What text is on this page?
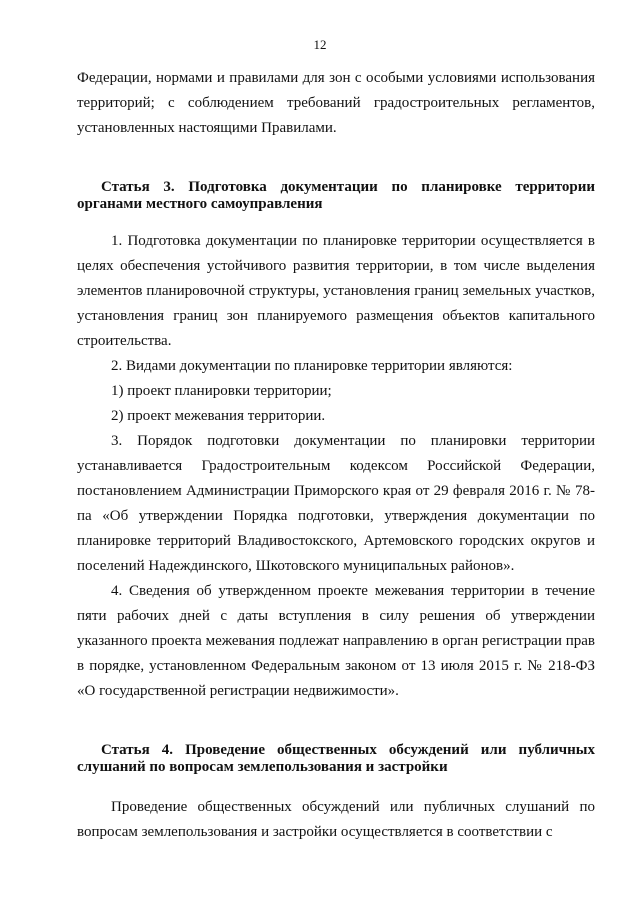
12

Федерации, нормами и правилами для зон с особыми условиями использования территорий; с соблюдением требований градостроительных регламентов, установленных настоящими Правилами.

Статья 3. Подготовка документации по планировке территории органами местного самоуправления

1. Подготовка документации по планировке территории осуществляется в целях обеспечения устойчивого развития территории, в том числе выделения элементов планировочной структуры, установления границ земельных участков, установления границ зон планируемого размещения объектов капитального строительства.

2. Видами документации по планировке территории являются:

1) проект планировки территории;

2) проект межевания территории.

3. Порядок подготовки документации по планировки территории устанавливается Градостроительным кодексом Российской Федерации, постановлением Администрации Приморского края от 29 февраля 2016 г. № 78-па «Об утверждении Порядка подготовки, утверждения документации по планировке территорий Владивостокского, Артемовского городских округов и поселений Надеждинского, Шкотовского муниципальных районов».

4. Сведения об утвержденном проекте межевания территории в течение пяти рабочих дней с даты вступления в силу решения об утверждении указанного проекта межевания подлежат направлению в орган регистрации прав в порядке, установленном Федеральным законом от 13 июля 2015 г. № 218-ФЗ «О государственной регистрации недвижимости».

Статья 4. Проведение общественных обсуждений или публичных слушаний по вопросам землепользования и застройки

Проведение общественных обсуждений или публичных слушаний по вопросам землепользования и застройки осуществляется в соответствии с
